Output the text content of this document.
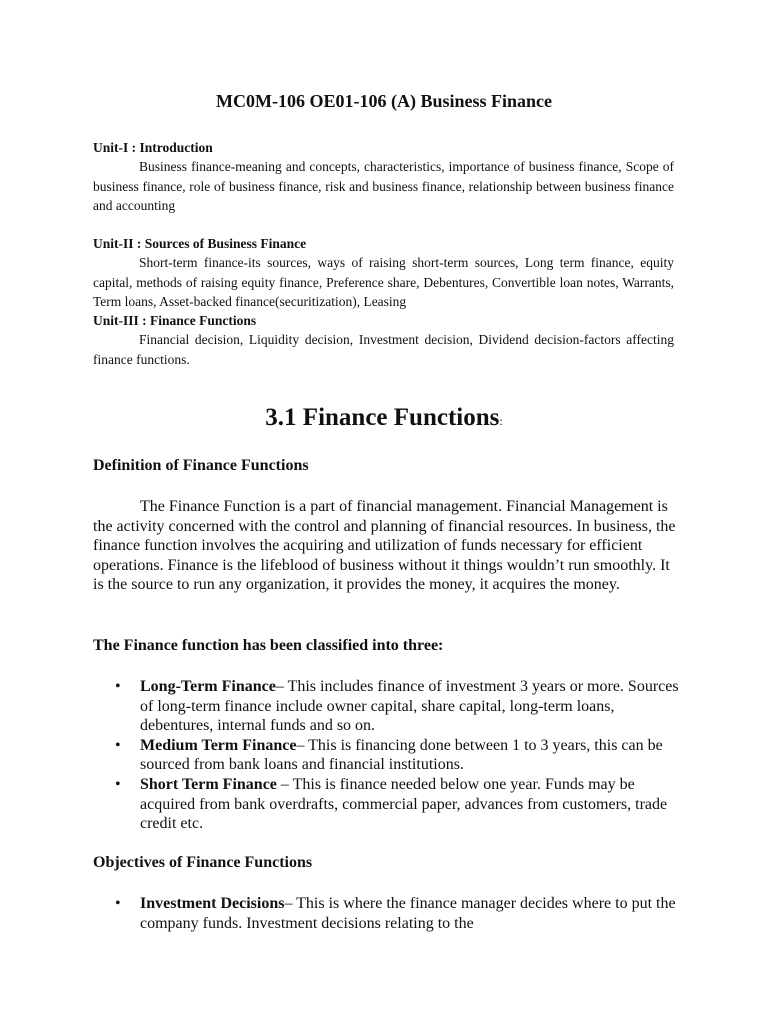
MC0M-106 OE01-106 (A) Business Finance
Unit-I : Introduction

Business finance-meaning and concepts, characteristics, importance of business finance, Scope of business finance, role of business finance, risk and business finance, relationship between business finance and accounting

Unit-II : Sources of Business Finance

Short-term finance-its sources, ways of raising short-term sources, Long term finance, equity capital, methods of raising equity finance, Preference share, Debentures, Convertible loan notes, Warrants, Term loans, Asset-backed finance(securitization), Leasing

Unit-III : Finance Functions

Financial decision, Liquidity decision, Investment decision, Dividend decision-factors affecting finance functions.

3.1 Finance Functions:
Definition of Finance Functions

The Finance Function is a part of financial management. Financial Management is the activity concerned with the control and planning of financial resources. In business, the finance function involves the acquiring and utilization of funds necessary for efficient operations. Finance is the lifeblood of business without it things wouldn’t run smoothly. It is the source to run any organization, it provides the money, it acquires the money.

The Finance function has been classified into three:
• Long-Term Finance– This includes finance of investment 3 years or more. Sources of long-term finance include owner capital, share capital, long-term loans, debentures, internal funds and so on.
• Medium Term Finance– This is financing done between 1 to 3 years, this can be sourced from bank loans and financial institutions.
• Short Term Finance – This is finance needed below one year. Funds may be acquired from bank overdrafts, commercial paper, advances from customers, trade credit etc.
Objectives of Finance Functions
• Investment Decisions– This is where the finance manager decides where to put the company funds. Investment decisions relating to the
